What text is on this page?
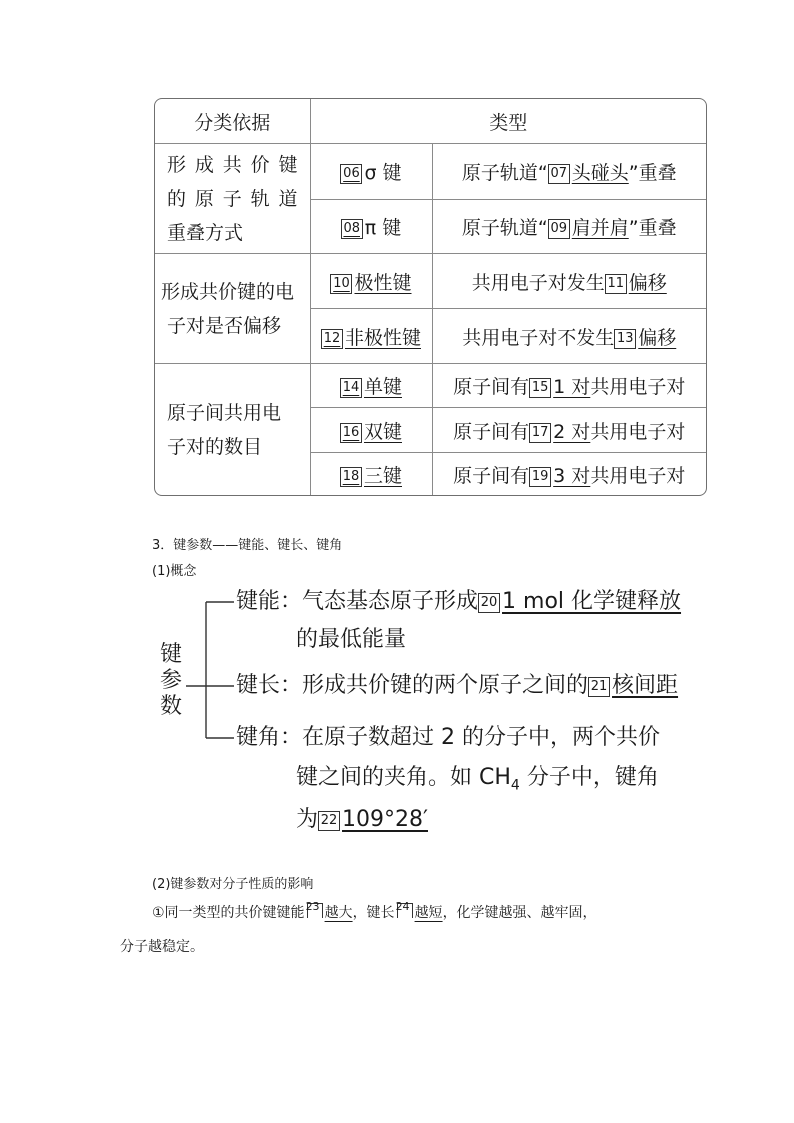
分类依据	类型	

形成共价键
的原子轨道
重叠方式	06 σ 键	原子轨道“ 07 头碰头”重叠
	08 π 键	原子轨道“ 09 肩并肩”重叠

形成共价键的电
子对是否偏移	10 极性键	共用电子对发生 11 偏移
	12 非极性键	共用电子对不发生 13 偏移

原子间共用电
子对的数目	14 单键	原子间有 15 1 对共用电子对
	16 双键	原子间有 17 2 对共用电子对
	18 三键	原子间有 19 3 对共用电子对
3．键参数——键能、键长、键角
(1)概念
键
参
数
键能：气态基态原子形成 20 1 mol 化学键释放
的最低能量
键长：形成共价键的两个原子之间的 21 核间距
键角：在原子数超过 2 的分子中，两个共价
键之间的夹角。如 $CH_4$ 分子中，键角
为 22 109°28′
(2)键参数对分子性质的影响
①同一类型的共价键键能 23 越大，键长 24 越短，化学键越强、越牢固，
分子越稳定。
